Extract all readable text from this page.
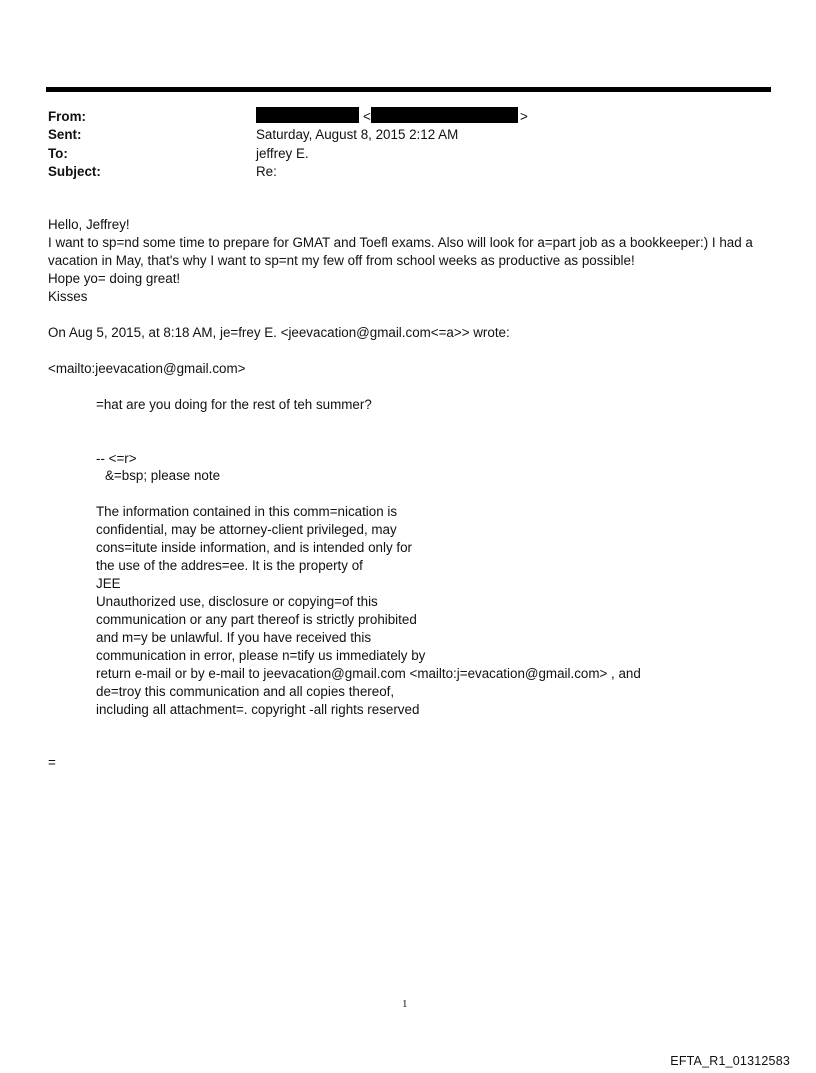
From:
Sent:
To:
Subject:
<	>
Saturday, August 8, 2015 2:12 AM
jeffrey E.
Re:
Hello, Jeffrey!
I want to sp=nd some time to prepare for GMAT and Toefl exams. Also will look for a=part job as a bookkeeper:) I had a
vacation in May, that's why I want to sp=nt my few off from school weeks as productive as possible!
Hope yo= doing great!
Kisses
On Aug 5, 2015, at 8:18 AM, je=frey E. <jeevacation@gmail.com<=a>> wrote:
<mailto:jeevacation@gmail.com>
=hat are you doing for the rest of teh summer?
-- <=r>
&=bsp; please note
The information contained in this comm=nication is
confidential, may be attorney-client privileged, may
cons=itute inside information, and is intended only for
the use of the addres=ee. It is the property of
JEE
Unauthorized use, disclosure or copying=of this
communication or any part thereof is strictly prohibited
and m=y be unlawful. If you have received this
communication in error, please n=tify us immediately by
return e-mail or by e-mail to jeevacation@gmail.com <mailto:j=evacation@gmail.com> , and
de=troy this communication and all copies thereof,
including all attachment=. copyright -all rights reserved
=
1
EFTA_R1_01312583
